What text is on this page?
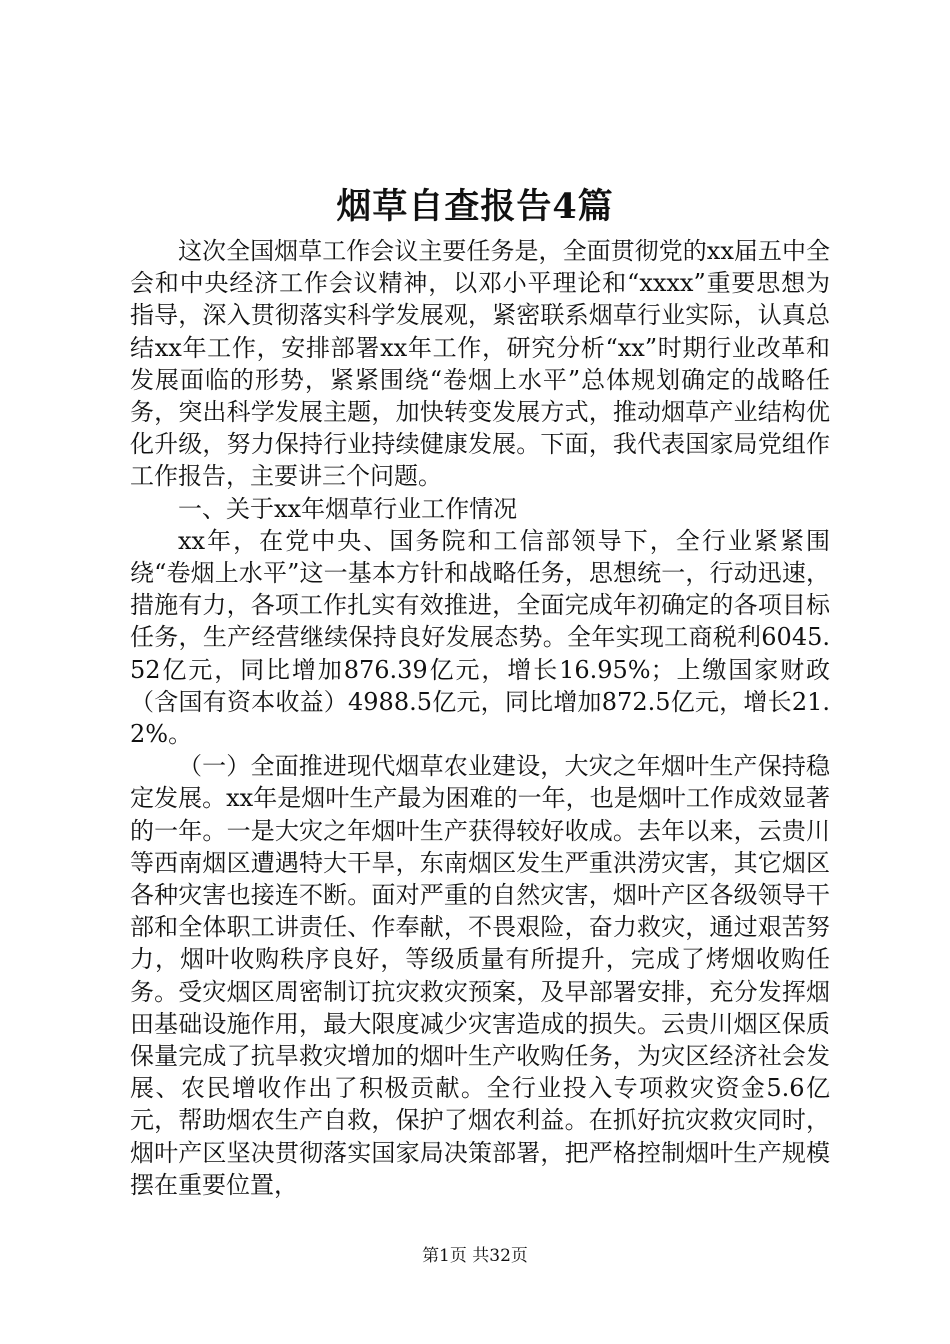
烟草自查报告4篇

这次全国烟草工作会议主要任务是，全面贯彻党的xx届五中全会和中央经济工作会议精神，以邓小平理论和“xxxx”重要思想为指导，深入贯彻落实科学发展观，紧密联系烟草行业实际，认真总结xx年工作，安排部署xx年工作，研究分析“xx”时期行业改革和发展面临的形势，紧紧围绕“卷烟上水平”总体规划确定的战略任务，突出科学发展主题，加快转变发展方式，推动烟草产业结构优化升级，努力保持行业持续健康发展。下面，我代表国家局党组作工作报告，主要讲三个问题。

一、关于xx年烟草行业工作情况

xx年，在党中央、国务院和工信部领导下，全行业紧紧围绕“卷烟上水平”这一基本方针和战略任务，思想统一，行动迅速，措施有力，各项工作扎实有效推进，全面完成年初确定的各项目标任务，生产经营继续保持良好发展态势。全年实现工商税利6045.52亿元，同比增加876.39亿元，增长16.95%；上缴国家财政（含国有资本收益）4988.5亿元，同比增加872.5亿元，增长21.2%。

（一）全面推进现代烟草农业建设，大灾之年烟叶生产保持稳定发展。xx年是烟叶生产最为困难的一年，也是烟叶工作成效显著的一年。一是大灾之年烟叶生产获得较好收成。去年以来，云贵川等西南烟区遭遇特大干旱，东南烟区发生严重洪涝灾害，其它烟区各种灾害也接连不断。面对严重的自然灾害，烟叶产区各级领导干部和全体职工讲责任、作奉献，不畏艰险，奋力救灾，通过艰苦努力，烟叶收购秩序良好，等级质量有所提升，完成了烤烟收购任务。受灾烟区周密制订抗灾救灾预案，及早部署安排，充分发挥烟田基础设施作用，最大限度减少灾害造成的损失。云贵川烟区保质保量完成了抗旱救灾增加的烟叶生产收购任务，为灾区经济社会发展、农民增收作出了积极贡献。全行业投入专项救灾资金5.6亿元，帮助烟农生产自救，保护了烟农利益。在抓好抗灾救灾同时，烟叶产区坚决贯彻落实国家局决策部署，把严格控制烟叶生产规模摆在重要位置，

第1页 共32页
